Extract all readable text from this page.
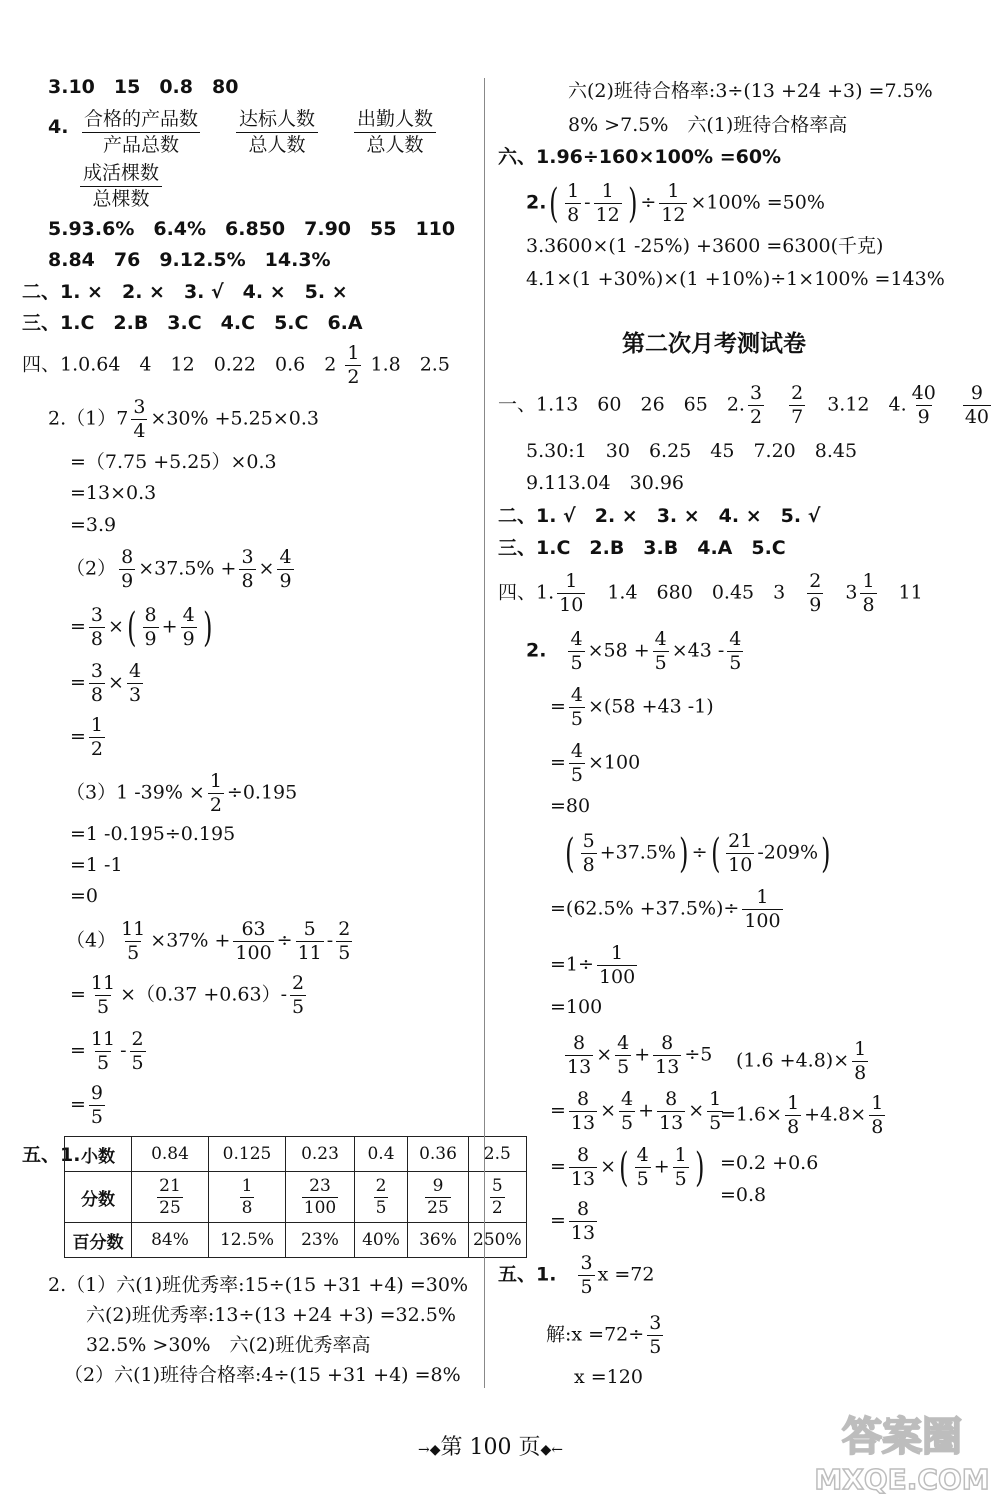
3.10　15　0.8　80
4. 合格的产品数
产品总数
达标人数
总人数
出勤人数
总人数
成活棵数
总棵数
5.93.6%　6.4%　6.850　7.90　55　110
8.84　76　9.12.5%　14.3%
二、1. ×　2. ×　3. √　4. ×　5. ×
三、1.C　2.B　3.C　4.C　5.C　6.A
四、1.0.64　4　12　0.22　0.6　$2 \frac{1}{2} 1.8$　2.5
$2.(1)7 \frac{3}{4} \times 30\% +5.25\times 0.3$
=（7.75 +5.25）×0.3
=13×0.3
=3.9
$(2) \frac{8}{9} \times 37.5\% + \frac{3}{8} \times \frac{4}{9}$
= $\frac{3}{8}$ ×( $\frac{8}{9} + \frac{4}{9}$ )
= $\frac{3}{8} \times \frac{4}{3}$
= $\frac{1}{2}$
（3）1 $-39\% \times \frac{1}{2} \div 0.195$
=1 -0.195÷0.195
=1 -1
=0
$(4) \frac{11}{5} \times 37\% + \frac{63}{100} \div \frac{5}{11} - \frac{2}{5}$
= $\frac{11}{5} \times(0.37 +0.63)- \frac{2}{5}$
= $\frac{11}{5} - \frac{2}{5}$
= $\frac{9}{5}$
五、1. 小数	0.84	0.125	0.23	0.4	0.36	2.5
分数	$\frac{21}{25}$	$\frac{1}{8}$	$\frac{23}{100}$	$\frac{2}{5}$	$\frac{9}{25}$	$\frac{5}{2}$

百分数	84%	12.5%	23%	40%	36%	250%
2.（1）六(1)班优秀率:15÷(15 +31 +4) =30%
六(2)班优秀率:13÷(13 +24 +3) =32.5%
32.5% >30%　六(2)班优秀率高
（2）六(1)班待合格率:4÷(15 +31 +4) =8%
六(2)班待合格率:3÷(13 +24 +3) =7.5%
8% >7.5%　六(1)班待合格率高
六、1.96÷160×100% =60%
$2.( \frac{1}{8} - \frac{1}{12}$ ) ÷ $\frac{1}{12} \times 100\% =50\%$
3.3600×(1 -25%) +3600 =6300(千克)
4.1×(1 +30%)×(1 +10%)÷1×100% =143%
第二次月考测试卷
一、1.13　60　26　65　2. $\frac{3}{2}$
　 $\frac{2}{7}$
　 3.12　4. $\frac{40}{9}$
　 $\frac{9}{40}$
5.30:1　30　6.25　45　7.20　8.45
9.113.04　30.96
二、1. √　2. ×　3. ×　4. ×　5. √
三、1.C　2.B　3.B　4.A　5.C
四、1. $\frac{1}{10}$
　 1.4　680　0.45　3　 $\frac{2}{9}$
　 $3 \frac{1}{8}$
　 11
2.　 $\frac{4}{5} \times 58 + \frac{4}{5} \times 43 - \frac{4}{5}$
= $\frac{4}{5} \times(58 +43$ -1)
= $\frac{4}{5} \times 100$
=80
( $\frac{5}{8} +37.5\%$) ÷( $\frac{21}{10} -209\%$)
$=(62.5\% +37.5\%)\div \frac{1}{100}$
$=1\div \frac{1}{100}$
=100
$\frac{8}{13} \times \frac{4}{5} + \frac{8}{13} \div 5$
= $\frac{8}{13} \times \frac{4}{5} + \frac{8}{13} \times \frac{1}{5}$
= $\frac{8}{13}$ ×( $\frac{4}{5} + \frac{1}{5}$ )
= $\frac{8}{13}$
$(1.6 +4.8)\times \frac{1}{8}$
$=1.6\times \frac{1}{8} +4.8\times \frac{1}{8}$
=0.2 +0.6
=0.8
五、1.　 $\frac{3}{5}$ x =72
解:x $=72\div \frac{3}{5}$
x =120
→◆第 100 页◆←	答案圈
MXQE.COM
